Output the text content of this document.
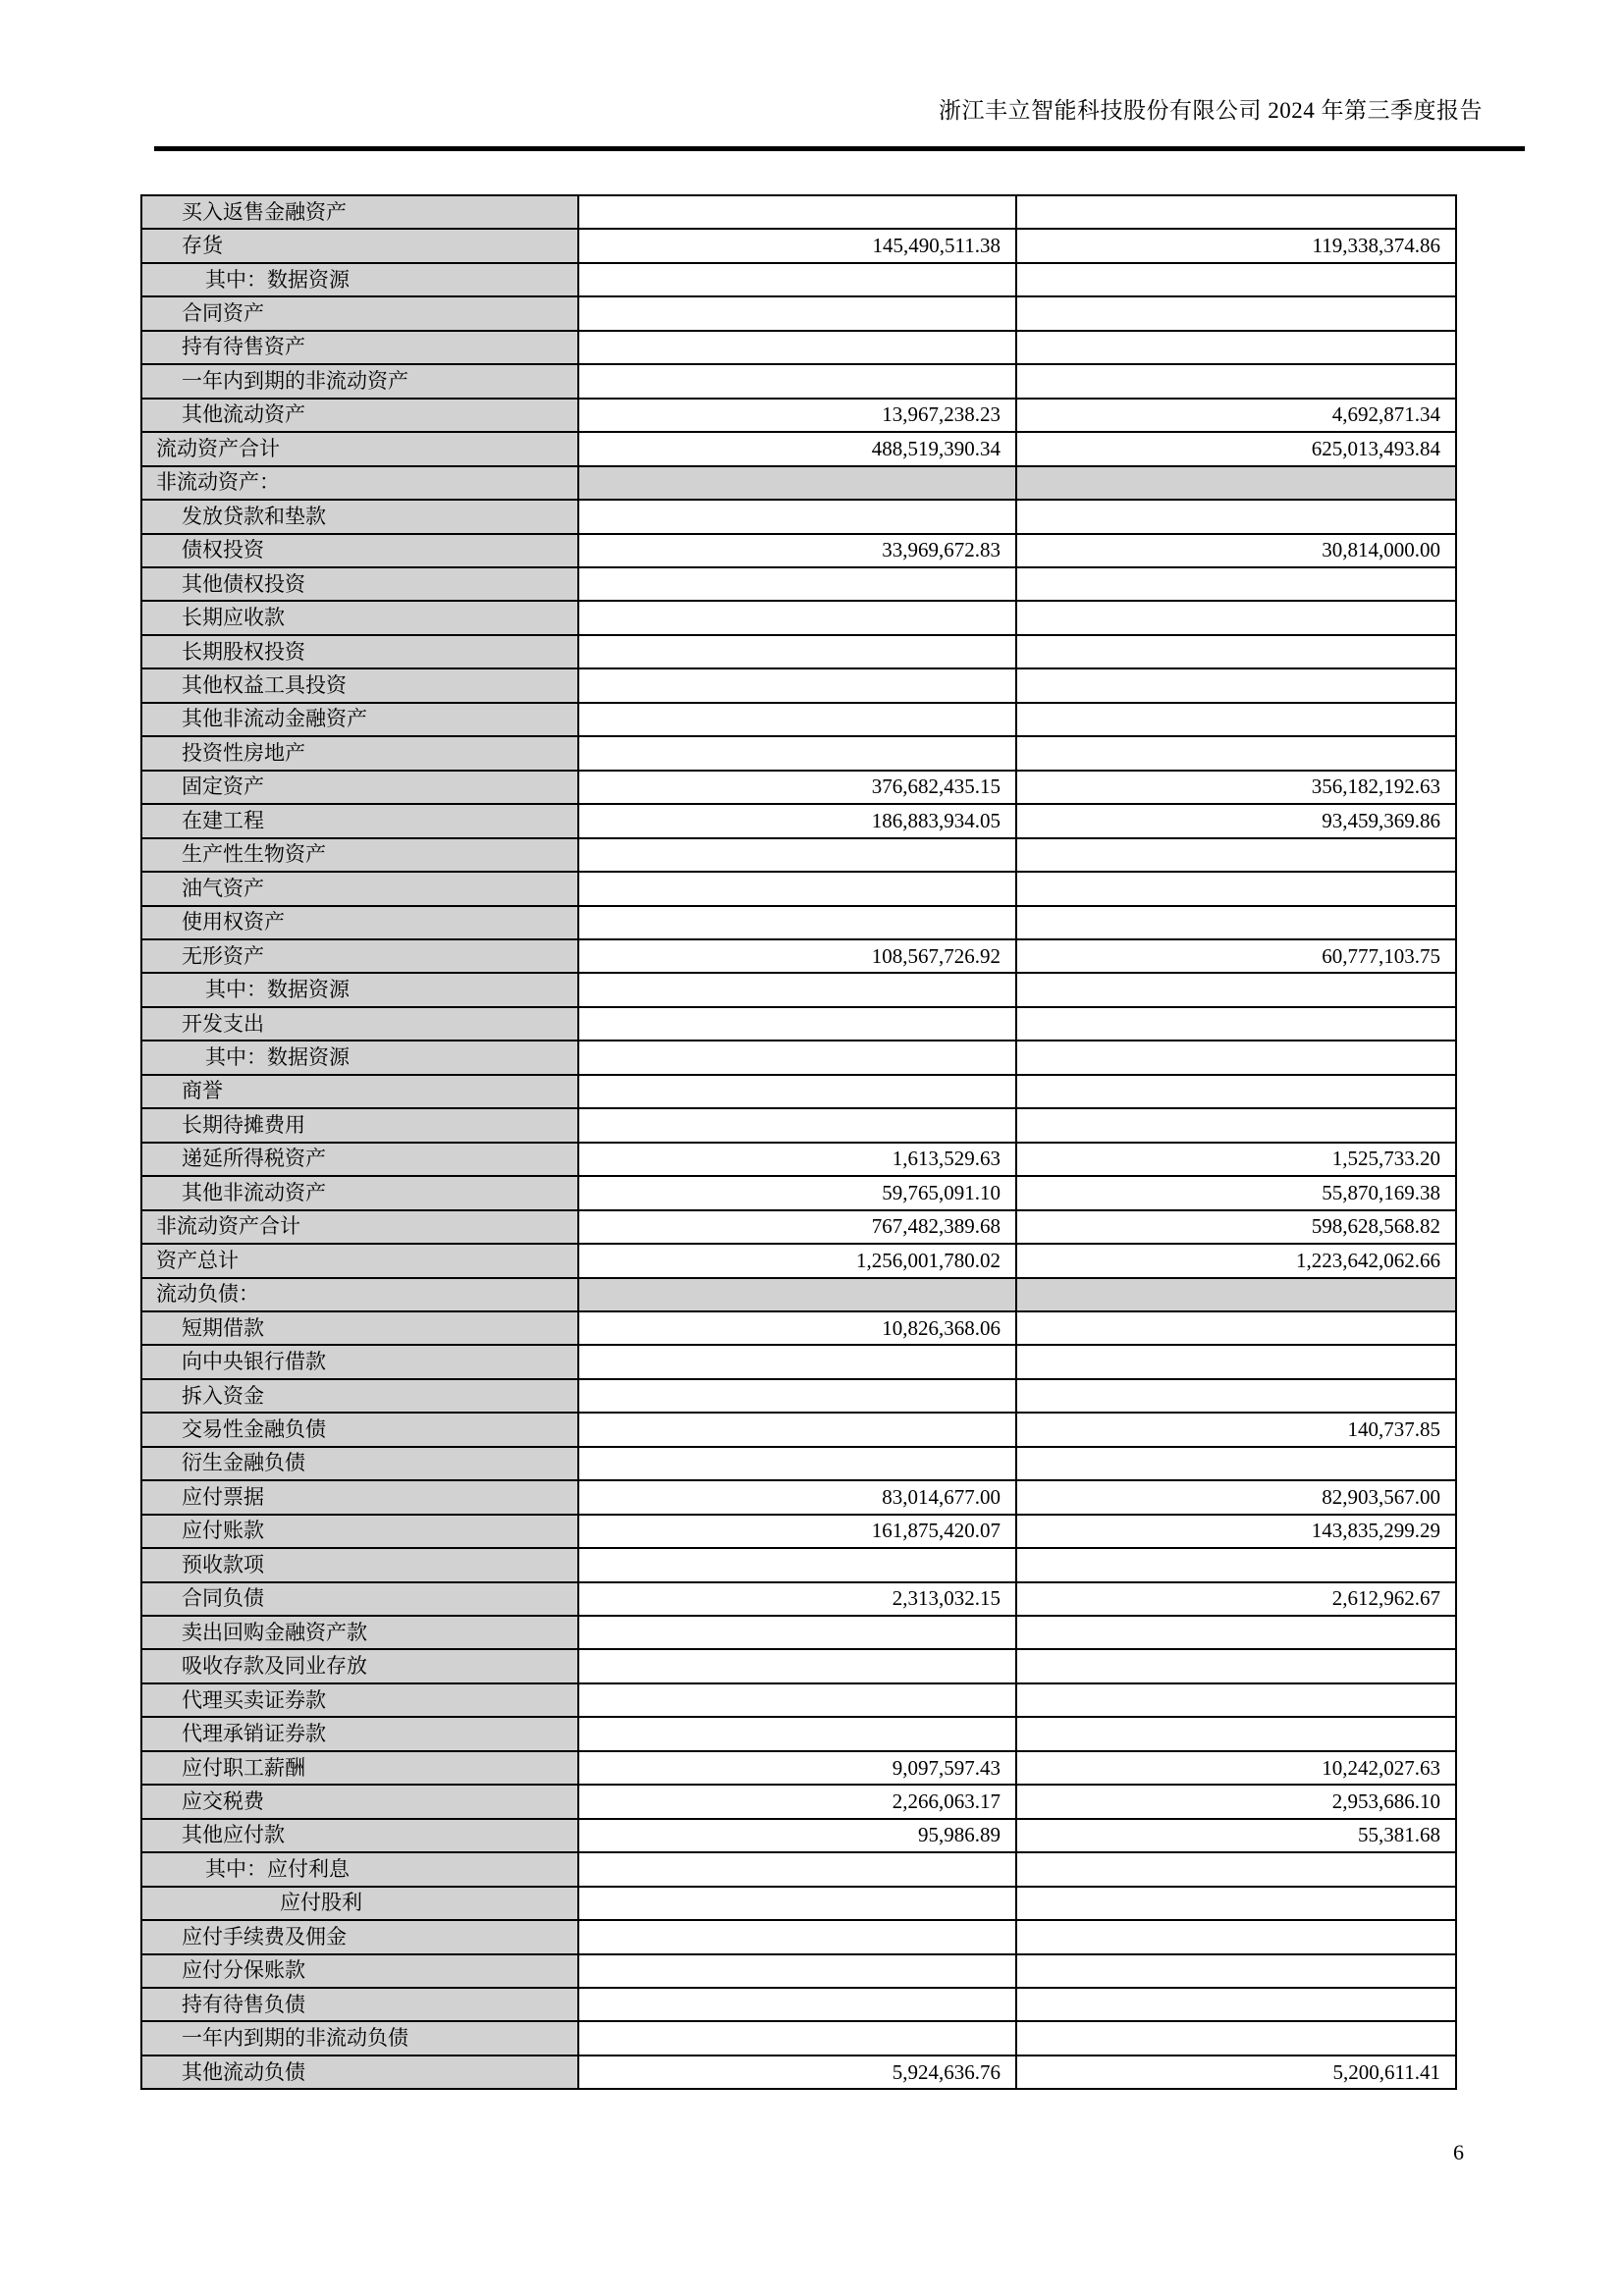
浙江丰立智能科技股份有限公司 2024 年第三季度报告
买入返售金融资产		
存货	145,490,511.38	119,338,374.86
其中：数据资源		
合同资产		
持有待售资产		
一年内到期的非流动资产		
其他流动资产	13,967,238.23	4,692,871.34
流动资产合计	488,519,390.34	625,013,493.84
非流动资产：		
发放贷款和垫款		
债权投资	33,969,672.83	30,814,000.00
其他债权投资		
长期应收款		
长期股权投资		
其他权益工具投资		
其他非流动金融资产		
投资性房地产		
固定资产	376,682,435.15	356,182,192.63
在建工程	186,883,934.05	93,459,369.86
生产性生物资产		
油气资产		
使用权资产		
无形资产	108,567,726.92	60,777,103.75
其中：数据资源		
开发支出		
其中：数据资源		
商誉		
长期待摊费用		
递延所得税资产	1,613,529.63	1,525,733.20
其他非流动资产	59,765,091.10	55,870,169.38
非流动资产合计	767,482,389.68	598,628,568.82
资产总计	1,256,001,780.02	1,223,642,062.66
流动负债：		
短期借款	10,826,368.06	
向中央银行借款		
拆入资金		
交易性金融负债		140,737.85
衍生金融负债		
应付票据	83,014,677.00	82,903,567.00
应付账款	161,875,420.07	143,835,299.29
预收款项		
合同负债	2,313,032.15	2,612,962.67
卖出回购金融资产款		
吸收存款及同业存放		
代理买卖证券款		
代理承销证券款		
应付职工薪酬	9,097,597.43	10,242,027.63
应交税费	2,266,063.17	2,953,686.10
其他应付款	95,986.89	55,381.68
其中：应付利息		
应付股利		
应付手续费及佣金		
应付分保账款		
持有待售负债		
一年内到期的非流动负债		
其他流动负债	5,924,636.76	5,200,611.41
6
